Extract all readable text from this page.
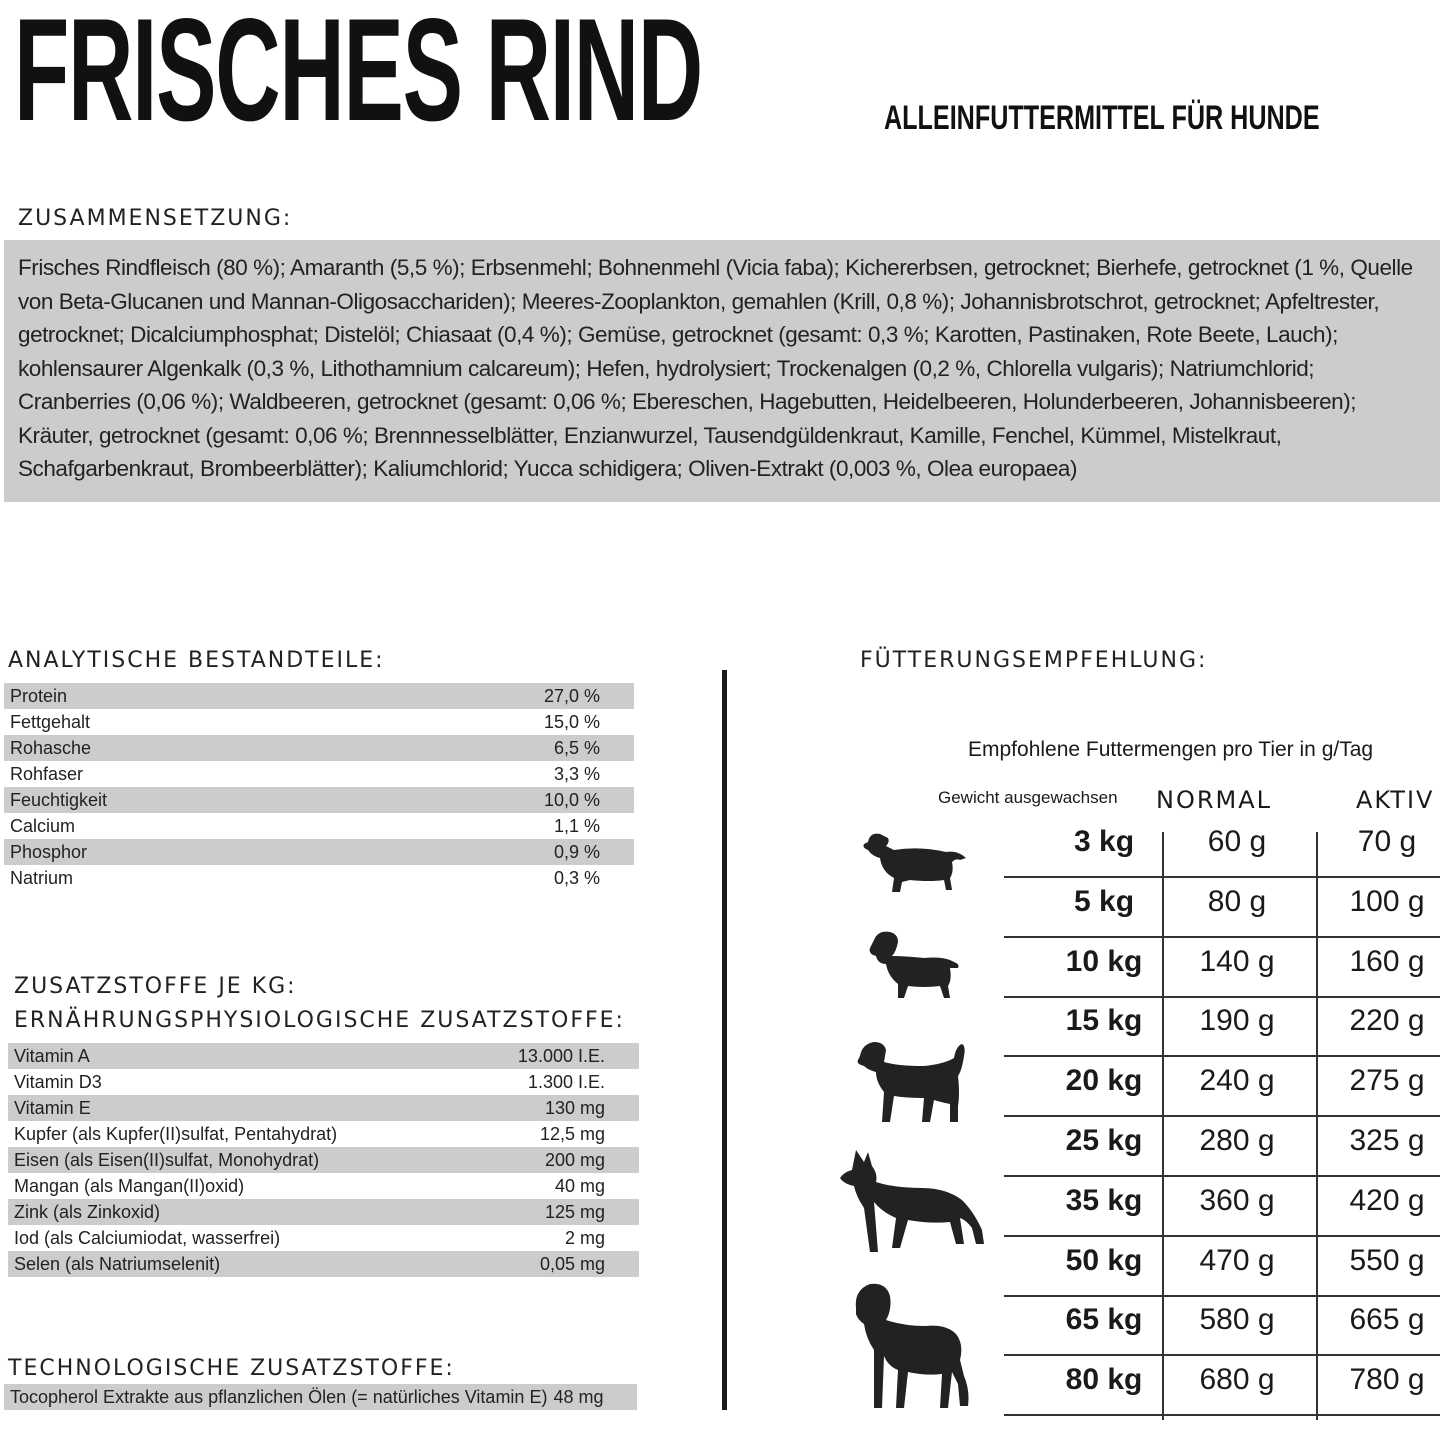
FRISCHES RIND	ALLEINFUTTERMITTEL FÜR HUNDE
ZUSAMMENSETZUNG:
Frisches Rindfleisch (80 %); Amaranth (5,5 %); Erbsenmehl; Bohnenmehl (Vicia faba); Kichererbsen, getrocknet; Bierhefe, getrocknet (1 %, Quelle von Beta-Glucanen und Mannan-Oligosacchariden); Meeres-Zooplankton, gemahlen (Krill, 0,8 %); Johannisbrotschrot, getrocknet; Apfeltrester, getrocknet; Dicalciumphosphat; Distelöl; Chiasaat (0,4 %); Gemüse, getrocknet (gesamt: 0,3 %; Karotten, Pastinaken, Rote Beete, Lauch); kohlensaurer Algenkalk (0,3 %, Lithothamnium calcareum); Hefen, hydrolysiert; Trockenalgen (0,2 %, Chlorella vulgaris); Natriumchlorid; Cranberries (0,06 %); Waldbeeren, getrocknet (gesamt: 0,06 %; Ebereschen, Hagebutten, Heidelbeeren, Holunderbeeren, Johannisbeeren); Kräuter, getrocknet (gesamt: 0,06 %; Brennnesselblätter, Enzianwurzel, Tausendgüldenkraut, Kamille, Fenchel, Kümmel, Mistelkraut, Schafgarbenkraut, Brombeerblätter); Kaliumchlorid; Yucca schidigera; Oliven-Extrakt (0,003 %, Olea europaea)
ANALYTISCHE BESTANDTEILE:
Protein	27,0 %
Fettgehalt	15,0 %
Rohasche	6,5 %
Rohfaser	3,3 %
Feuchtigkeit	10,0 %
Calcium	1,1 %
Phosphor	0,9 %
Natrium	0,3 %
ZUSATZSTOFFE JE KG:
ERNÄHRUNGSPHYSIOLOGISCHE ZUSATZSTOFFE:
Vitamin A	13.000 I.E.
Vitamin D3	1.300 I.E.
Vitamin E	130 mg
Kupfer (als Kupfer(II)sulfat, Pentahydrat)	12,5 mg
Eisen (als Eisen(II)sulfat, Monohydrat)	200 mg
Mangan (als Mangan(II)oxid)	40 mg
Zink (als Zinkoxid)	125 mg
Iod (als Calciumiodat, wasserfrei)	2 mg
Selen (als Natriumselenit)	0,05 mg
TECHNOLOGISCHE ZUSATZSTOFFE:
Tocopherol Extrakte aus pflanzlichen Ölen (= natürliches Vitamin E)	48 mg
FÜTTERUNGSEMPFEHLUNG:
Empfohlene Futtermengen pro Tier in g/Tag
Gewicht ausgewachsen NORMAL	AKTIV
3 kg	60 g	70 g
5 kg	80 g	100 g
10 kg	140 g	160 g
15 kg	190 g	220 g
20 kg	240 g	275 g
25 kg	280 g	325 g
35 kg	360 g	420 g
50 kg	470 g	550 g
65 kg	580 g	665 g
80 kg	680 g	780 g
